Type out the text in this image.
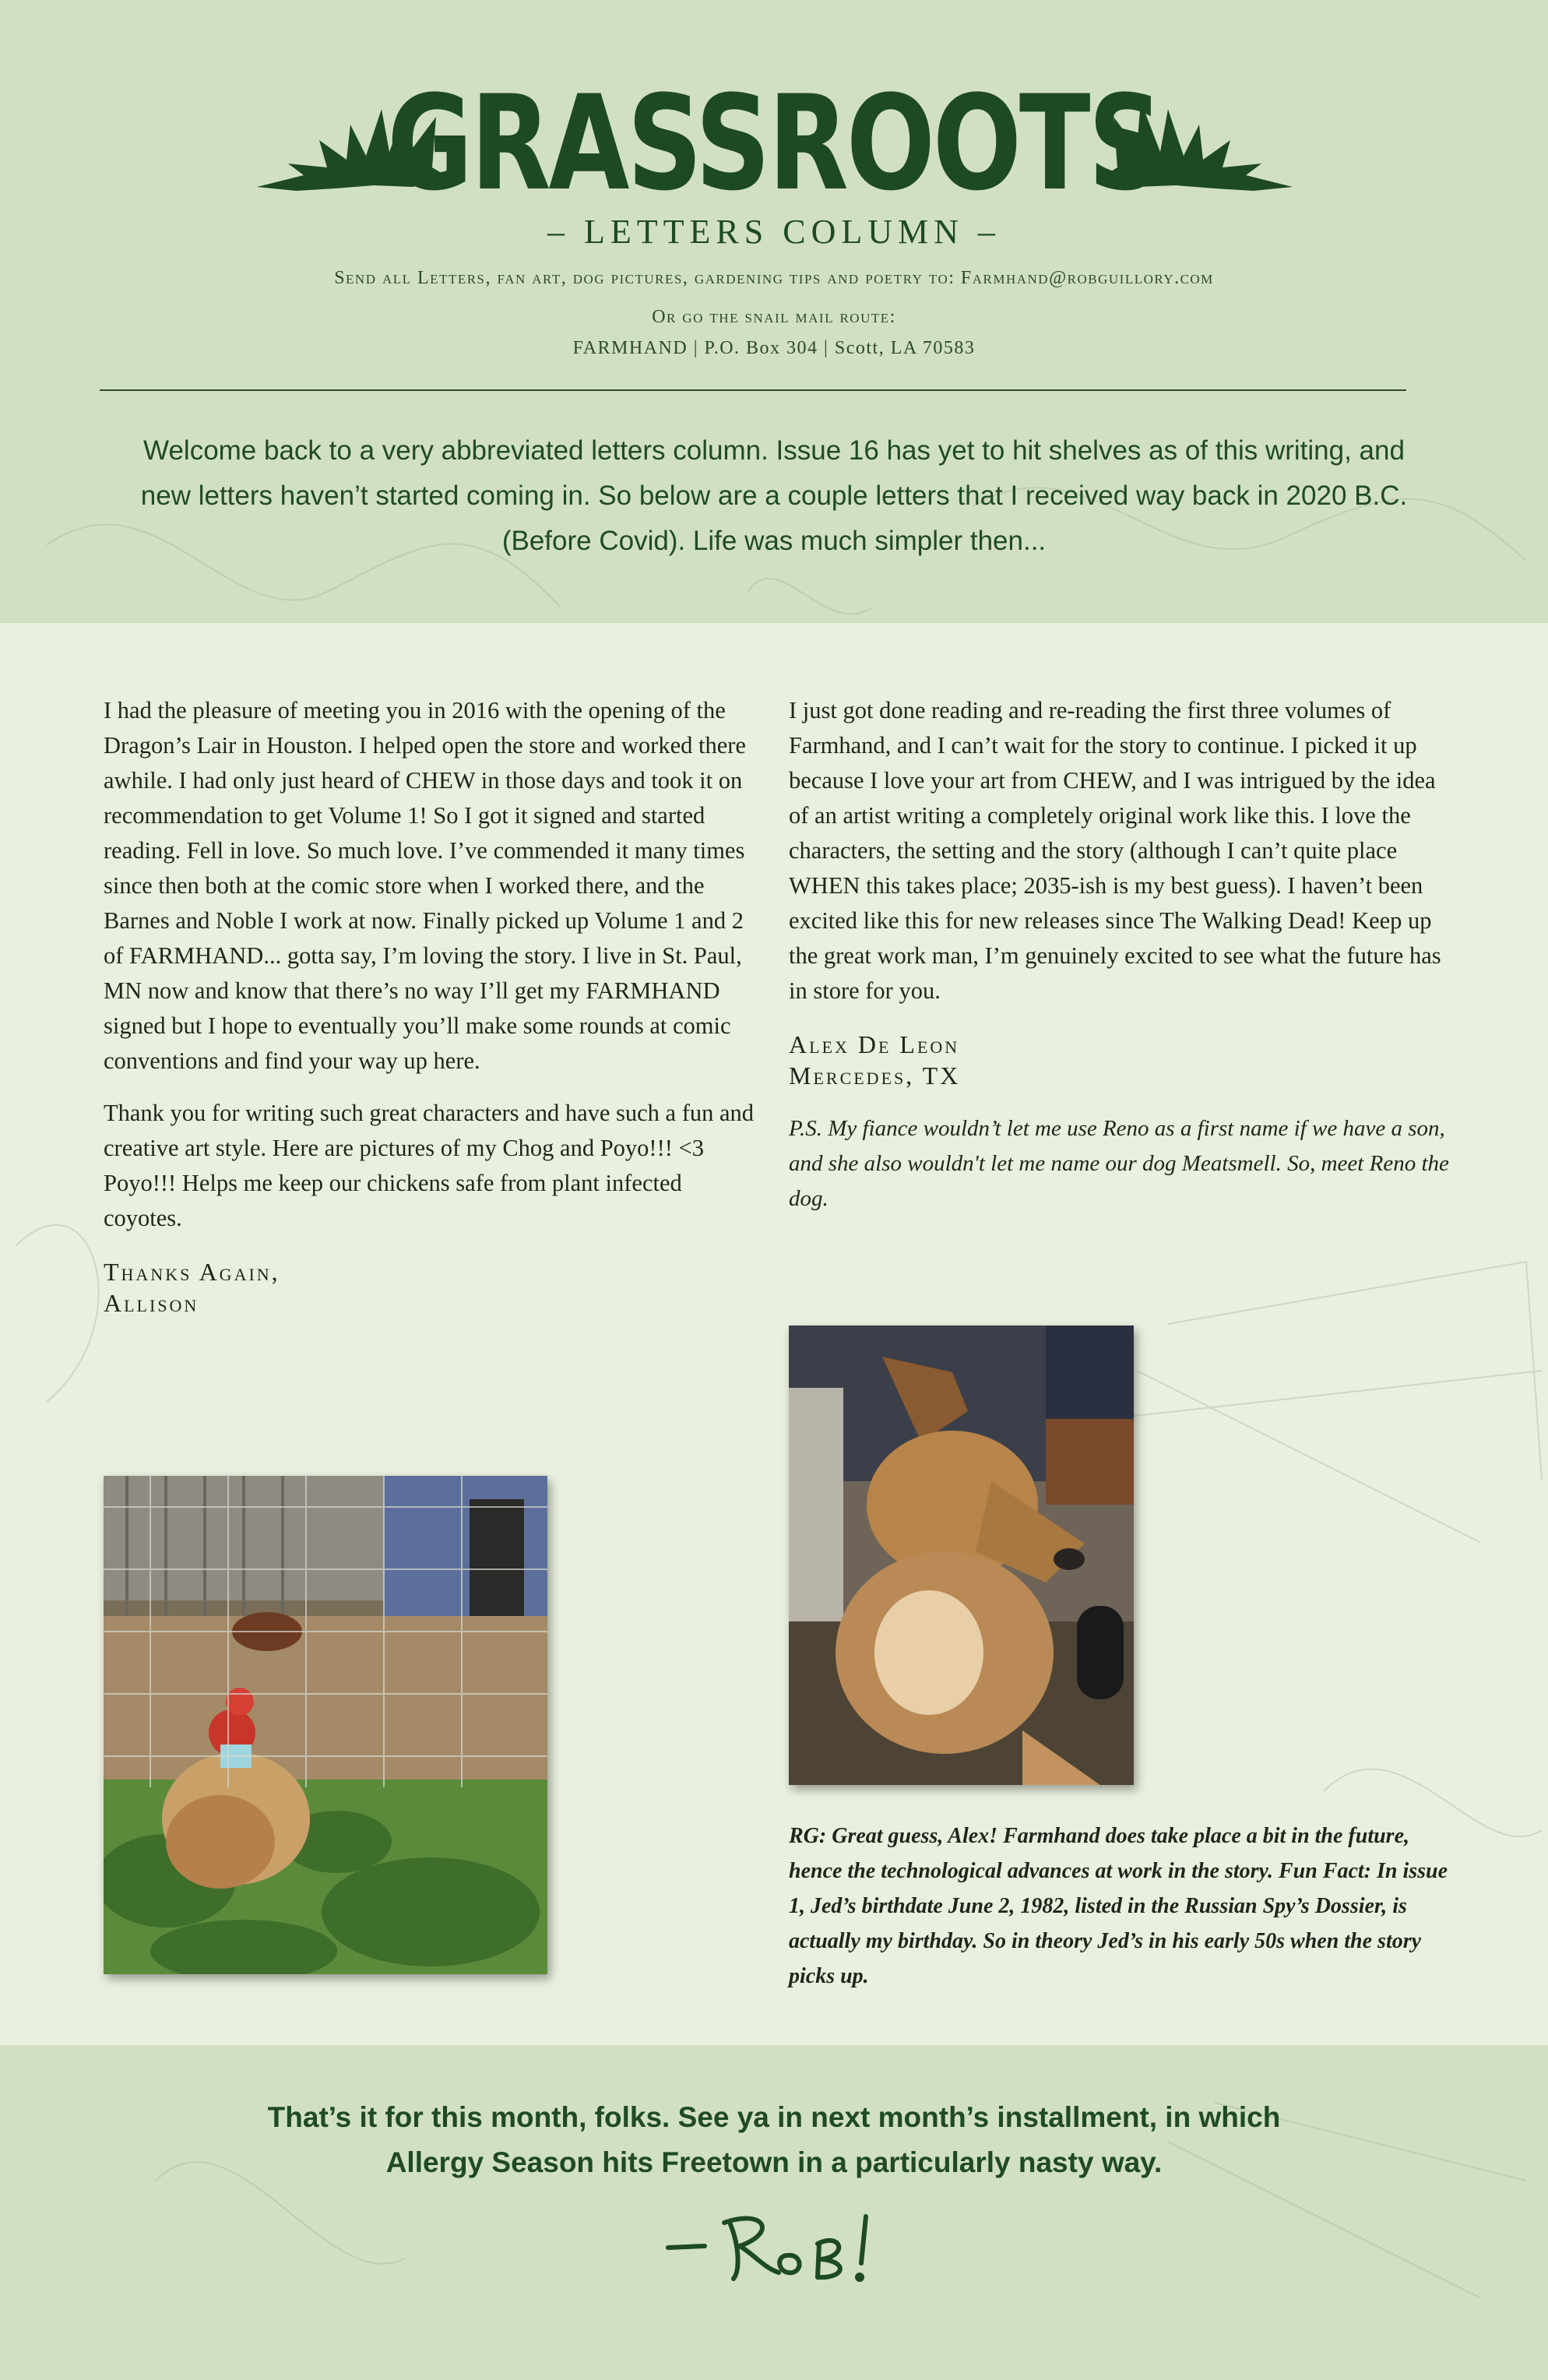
GRASSROOTS
– LETTERS COLUMN –
Send all Letters, fan art, dog pictures, gardening tips and poetry to: Farmhand@robguillory.com
Or go the snail mail route:
FARMHAND | P.O. Box 304 | Scott, LA 70583
Welcome back to a very abbreviated letters column. Issue 16 has yet to hit shelves as of this writing, and new letters haven’t started coming in. So below are a couple letters that I received way back in 2020 B.C. (Before Covid). Life was much simpler then...

I had the pleasure of meeting you in 2016 with the opening of the Dragon’s Lair in Houston. I helped open the store and worked there awhile. I had only just heard of CHEW in those days and took it on recommendation to get Volume 1! So I got it signed and started reading. Fell in love. So much love. I’ve commended it many times since then both at the comic store when I worked there, and the Barnes and Noble I work at now. Finally picked up Volume 1 and 2 of FARMHAND... gotta say, I’m loving the story. I live in St. Paul, MN now and know that there’s no way I’ll get my FARMHAND signed but I hope to eventually you’ll make some rounds at comic conventions and find your way up here.

Thank you for writing such great characters and have such a fun and creative art style. Here are pictures of my Chog and Poyo!!! <3 Poyo!!! Helps me keep our chickens safe from plant infected coyotes.

Thanks Again,
Allison

I just got done reading and re-reading the first three volumes of Farmhand, and I can’t wait for the story to continue. I picked it up because I love your art from CHEW, and I was intrigued by the idea of an artist writing a completely original work like this. I love the characters, the setting and the story (although I can’t quite place WHEN this takes place; 2035-ish is my best guess). I haven’t been excited like this for new releases since The Walking Dead! Keep up the great work man, I’m genuinely excited to see what the future has in store for you.

Alex De Leon
Mercedes, TX

P.S. My fiance wouldn’t let me use Reno as a first name if we have a son, and she also wouldn't let me name our dog Meatsmell. So, meet Reno the dog.

RG: Great guess, Alex! Farmhand does take place a bit in the future, hence the technological advances at work in the story. Fun Fact: In issue 1, Jed’s birthdate June 2, 1982, listed in the Russian Spy’s Dossier, is actually my birthday. So in theory Jed’s in his early 50s when the story picks up.
That’s it for this month, folks. See ya in next month’s installment, in which
Allergy Season hits Freetown in a particularly nasty way.
